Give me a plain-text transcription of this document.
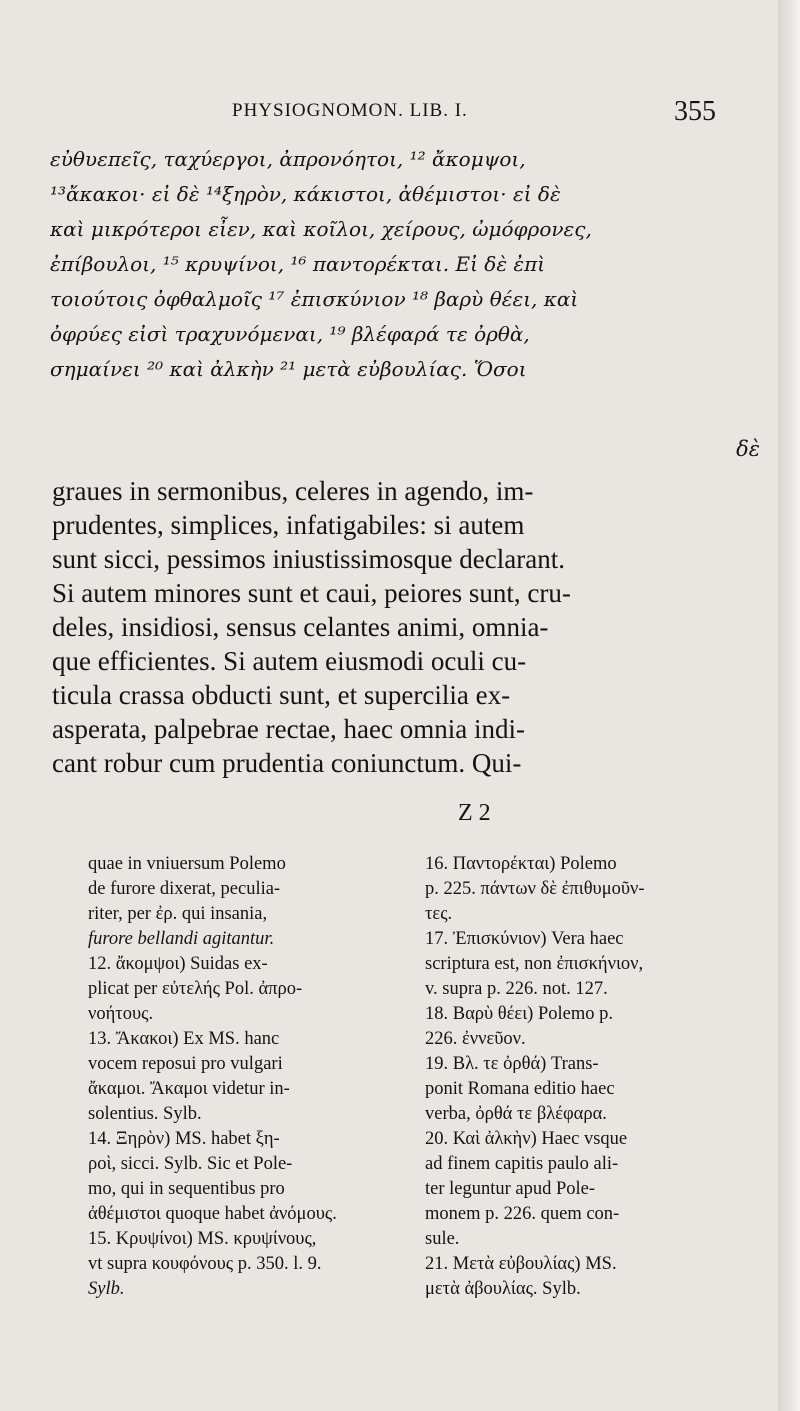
PHYSIOGNOMON. LIB. I.	355
εὐθυεπεῖς, ταχύεργοι, ἀπρονόητοι, ¹² ἄκομψοι,
¹³ἄκακοι· εἰ δὲ ¹⁴ξηρὸν, κάκιστοι, ἀθέμιστοι· εἰ δὲ
καὶ μικρότεροι εἶεν, καὶ κοῖλοι, χείρους, ὠμόφρονες,
ἐπίβουλοι, ¹⁵ κρυψίνοι, ¹⁶ παντορέκται. Εἰ δὲ ἐπὶ
τοιούτοις ὀφθαλμοῖς ¹⁷ ἐπισκύνιον ¹⁸ βαρὺ θέει, καὶ
ὀφρύες εἰσὶ τραχυνόμεναι, ¹⁹ βλέφαρά τε ὀρθὰ,
σημαίνει ²⁰ καὶ ἀλκὴν ²¹ μετὰ εὐβουλίας. Ὅσοι
δὲ
graues in sermonibus, celeres in agendo, im-
prudentes, simplices, infatigabiles: si autem
sunt sicci, pessimos iniustissimosque declarant.
Si autem minores sunt et caui, peiores sunt, cru-
deles, insidiosi, sensus celantes animi, omnia-
que efficientes. Si autem eiusmodi oculi cu-
ticula crassa obducti sunt, et supercilia ex-
asperata, palpebrae rectae, haec omnia indi-
cant robur cum prudentia coniunctum. Qui-
Z 2
quae in vniuersum Polemo
de furore dixerat, peculia-
riter, per ἐρ. qui insania,
furore bellandi agitantur.
12. ἄκομψοι) Suidas ex-
plicat per εὐτελής Pol. ἀπρο-
νοήτους.
13. Ἄκακοι) Ex MS. hanc
vocem reposui pro vulgari
ἄκαμοι. Ἄκαμοι videtur in-
solentius. Sylb.
14. Ξηρὸν) MS. habet ξη-
ροὶ, sicci. Sylb. Sic et Pole-
mo, qui in sequentibus pro
ἀθέμιστοι quoque habet ἀνόμους.
15. Κρυψίνοι) MS. κρυψίνους,
vt supra κουφόνους p. 350. l. 9.
Sylb.
16. Παντορέκται) Polemo
p. 225. πάντων δὲ ἐπιθυμοῦν-
τες.
17. Ἐπισκύνιον) Vera haec
scriptura est, non ἐπισκήνιον,
v. supra p. 226. not. 127.
18. Βαρὺ θέει) Polemo p.
226. ἐννεῦον.
19. Βλ. τε ὀρθά) Trans-
ponit Romana editio haec
verba, ὀρθά τε βλέφαρα.
20. Καὶ ἀλκὴν) Haec vsque
ad finem capitis paulo ali-
ter leguntur apud Pole-
monem p. 226. quem con-
sule.
21. Μετὰ εὐβουλίας) MS.
μετὰ ἀβουλίας. Sylb.
